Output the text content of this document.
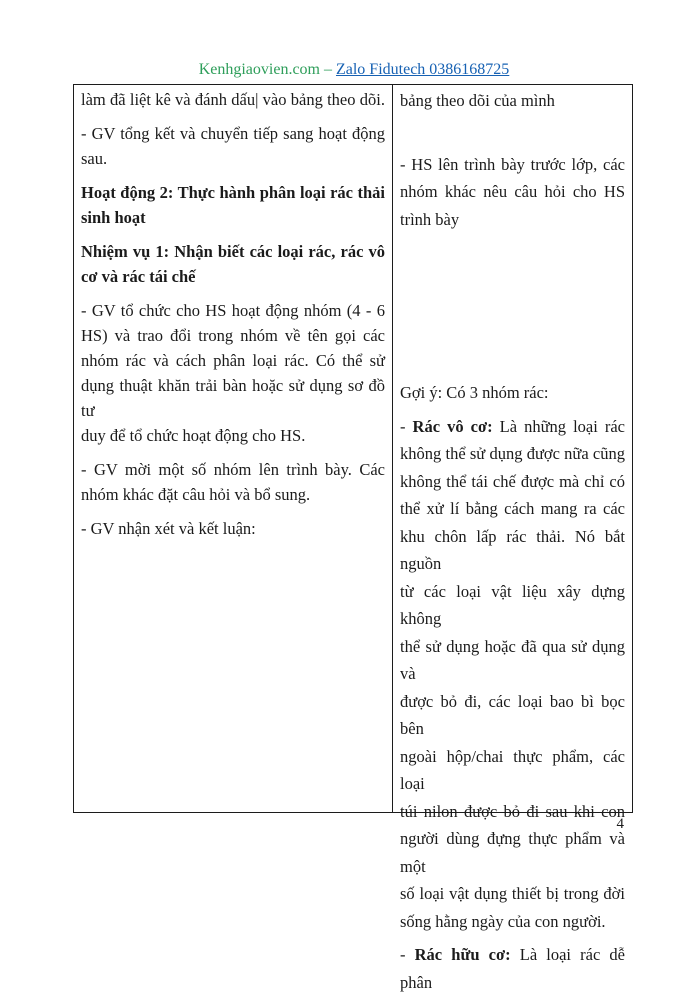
Kenhgiaovien.com – Zalo Fidutech 0386168725

làm đã liệt kê và đánh dấu| vào bảng theo dõi.
- GV tổng kết và chuyển tiếp sang hoạt động
sau.
Hoạt động 2: Thực hành phân loại rác thải
sinh hoạt
Nhiệm vụ 1: Nhận biết các loại rác, rác vô
cơ và rác tái chế
- GV tổ chức cho HS hoạt động nhóm (4 - 6
HS) và trao đổi trong nhóm về tên gọi các
nhóm rác và cách phân loại rác. Có thể sử
dụng thuật khăn trải bàn hoặc sử dụng sơ đồ tư
duy để tổ chức hoạt động cho HS.
- GV mời một số nhóm lên trình bày. Các
nhóm khác đặt câu hỏi và bổ sung.
- GV nhận xét và kết luận:
bảng theo dõi của mình
- HS lên trình bày trước lớp, các
nhóm khác nêu câu hỏi cho HS
trình bày
Gợi ý: Có 3 nhóm rác:
- Rác vô cơ: Là những loại rác
không thể sử dụng được nữa cũng
không thể tái chế được mà chỉ có
thể xử lí bằng cách mang ra các
khu chôn lấp rác thải. Nó bắt nguồn
từ các loại vật liệu xây dựng không
thể sử dụng hoặc đã qua sử dụng và
được bỏ đi, các loại bao bì bọc bên
ngoài hộp/chai thực phẩm, các loại
túi nilon được bỏ đi sau khi con
người dùng đựng thực phẩm và một
số loại vật dụng thiết bị trong đời
sống hằng ngày của con người.
- Rác hữu cơ: Là loại rác dễ phân
4
